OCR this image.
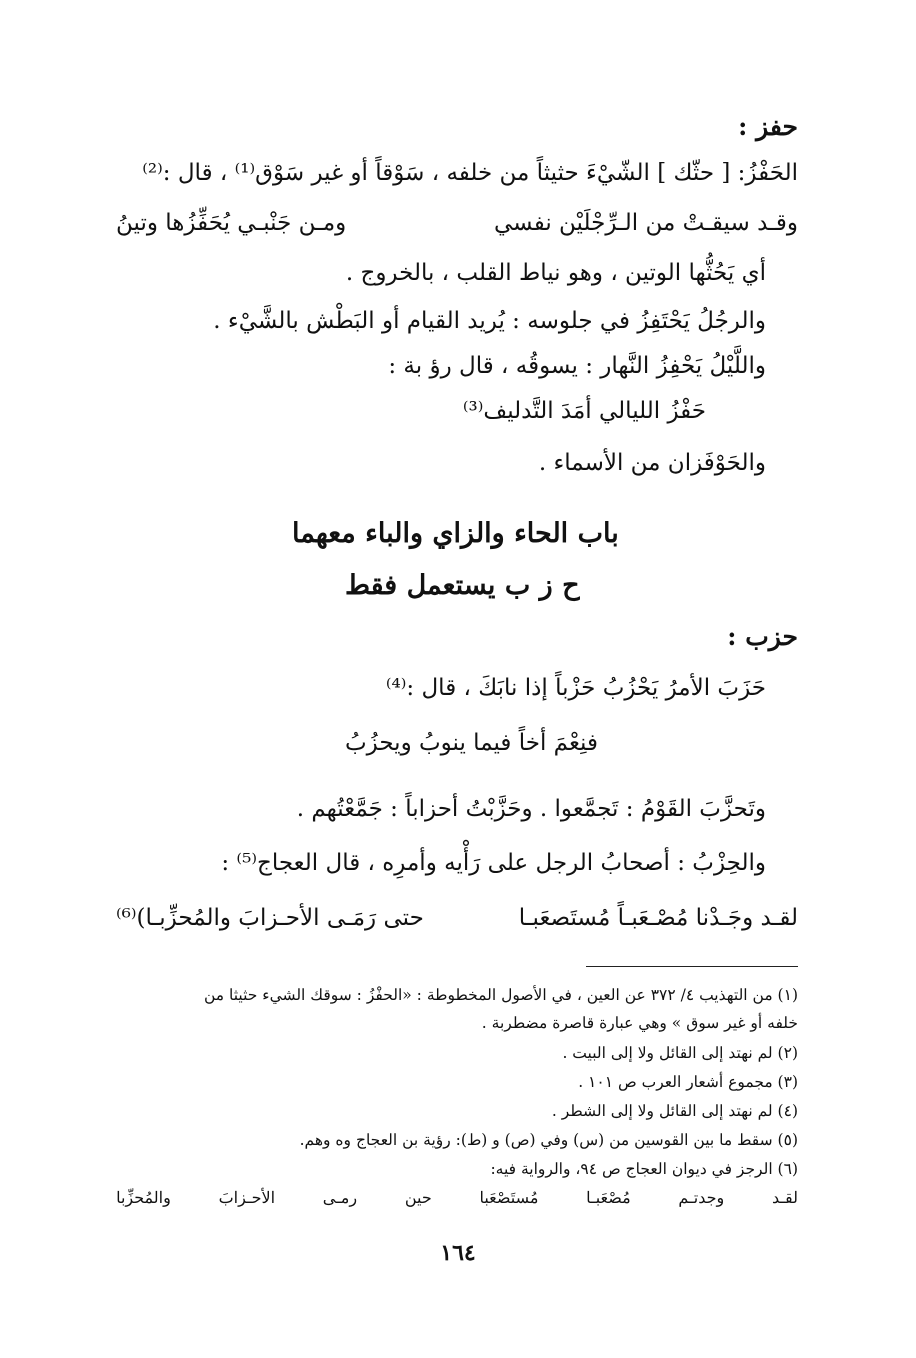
حفز :
الحَفْزُ: [ حثّك ] الشّيْءَ حثيثاً من خلفه ، سَوْقاً أو غير سَوْق⁽¹⁾ ، قال :⁽²⁾
وقـد سيقـتْ من الـرِّجْلَيْن نفسي
ومـن جَنْبـي يُحَفِّزُها وتينُ
أي يَحُثُّها الوتين ، وهو نياط القلب ، بالخروج .
والرجُلُ يَحْتَفِزُ في جلوسه : يُريد القيام أو البَطْش بالشَّيْء .
واللَّيْلُ يَحْفِزُ النَّهار : يسوقُه ، قال رؤ بة :
حَفْزُ الليالي أمَدَ التَّدليف⁽³⁾
والحَوْفَزان من الأسماء .
باب الحاء والزاي والباء معهما
ح ز ب يستعمل فقط
حزب :
حَزَبَ الأمرُ يَحْزُبُ حَزْباً إذا نابَكَ ، قال :⁽⁴⁾
فنِعْمَ أخاً فيما ينوبُ ويحزُبُ
وتَحزَّبَ القَوْمُ : تَجمَّعوا . وحَزَّبْتُ أحزاباً : جَمَّعْتُهم .
والحِزْبُ : أصحابُ الرجل على رَأْيه وأمرِه ، قال العجاج⁽⁵⁾ :
لقـد وجَـدْنا مُصْـعَبـاً مُستَصعَبـا
حتى رَمَـى الأحـزابَ والمُحزِّبـا)⁽⁶⁾
(١) من التهذيب ٤/ ٣٧٢ عن العين ، في الأصول المخطوطة : «الحفْزُ : سوقك الشيء حثيثا من
خلفه أو غير سوق » وهي عبارة قاصرة مضطربة .
(٢) لم نهتد إلى القائل ولا إلى البيت .
(٣) مجموع أشعار العرب ص ١٠١ .
(٤) لم نهتد إلى القائل ولا إلى الشطر .
(٥) سقط ما بين القوسين من (س) وفي (ص) و (ط): رؤية بن العجاج وه وهم.
(٦) الرجز في ديوان العجاج ص ٩٤، والرواية فيه:
لقـد
وجدتـم
مُصْعَبـا
مُستَصْعَبا
حين
رمـى
الأحـزابَ
والمُحزِّبا
١٦٤
